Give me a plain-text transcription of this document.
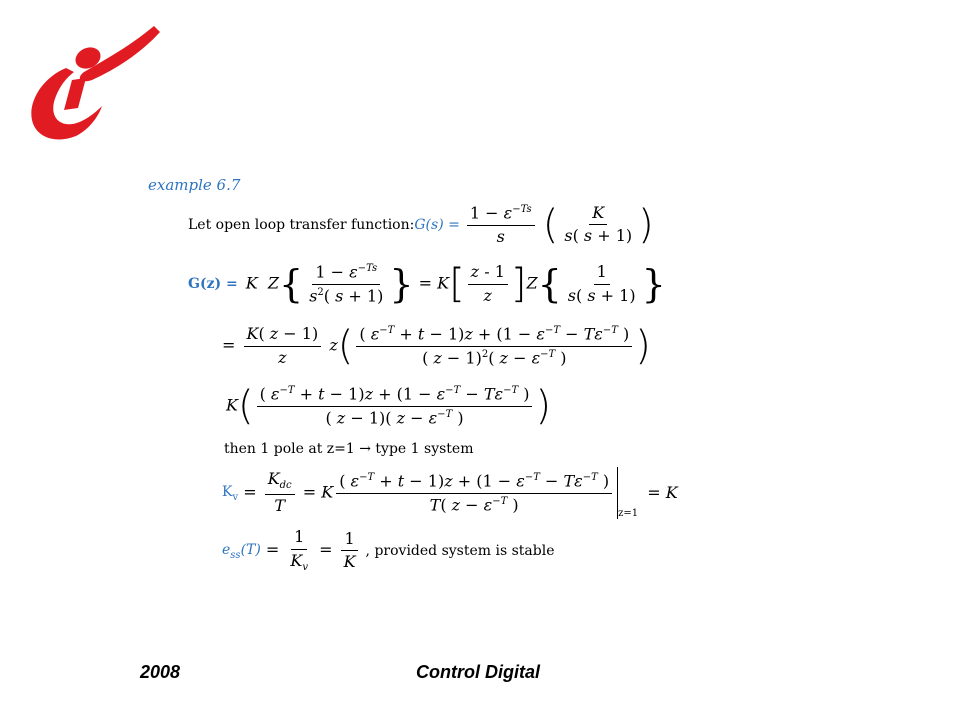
example 6.7
Let open loop transfer function: $G(s) = \frac{1 - \varepsilon^{-Ts}}{s}$ ( $\frac{K}{s( s + 1)}$ )
G(z) = K $Z\{ \frac{1 - \varepsilon^{-Ts}}{s^2( s + 1)}$ } = $K[ \frac{z - 1}{z} ]Z\{ \frac{1}{s( s + 1)}$ }
= $\frac{K( z - 1)}{z} z( \frac{( \varepsilon^{-T} + t - 1)z + (1 - \varepsilon^{-T} - T\varepsilon^{-T} )}{( z - 1)^2( z - \varepsilon^{-T} )}$ )
$K( \frac{( \varepsilon^{-T} + t - 1)z + (1 - \varepsilon^{-T} - T\varepsilon^{-T} )}{( z - 1)( z - \varepsilon^{-T} )}$ )
then 1 pole at z=1 → type 1 system
$K_v = \frac{K_{dc}}{T} = K \frac{( \varepsilon^{-T} + t - 1)z + (1 - \varepsilon^{-T} - T\varepsilon^{-T} )}{T( z - \varepsilon^{-T} )} z=1 = K$
$e_{ss}(T) = \frac{1}{K_v} = \frac{1}{K}$ , provided system is stable
2008	Control Digital
